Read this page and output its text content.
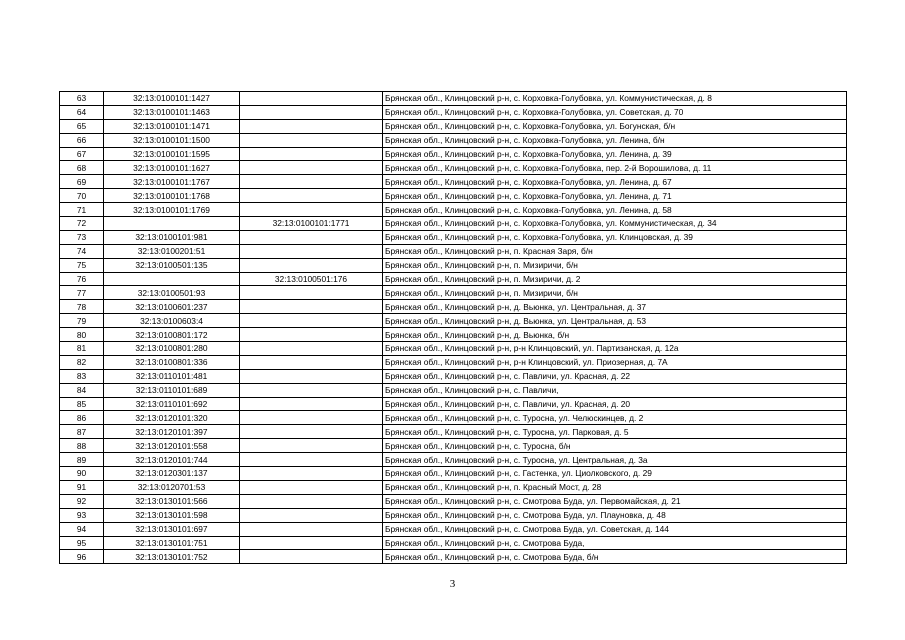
63	32:13:0100101:1427		Брянская обл., Клинцовский р-н, с. Корховка-Голубовка, ул. Коммунистическая, д. 8
64	32:13:0100101:1463		Брянская обл., Клинцовский р-н, с. Корховка-Голубовка, ул. Советская, д. 70
65	32:13:0100101:1471		Брянская обл., Клинцовский р-н, с. Корховка-Голубовка, ул. Богунская, б/н
66	32:13:0100101:1500		Брянская обл., Клинцовский р-н, с. Корховка-Голубовка, ул. Ленина, б/н
67	32:13:0100101:1595		Брянская обл., Клинцовский р-н, с. Корховка-Голубовка, ул. Ленина, д. 39
68	32:13:0100101:1627		Брянская обл., Клинцовский р-н, с. Корховка-Голубовка, пер. 2-й Ворошилова, д. 11
69	32:13:0100101:1767		Брянская обл., Клинцовский р-н, с. Корховка-Голубовка, ул. Ленина, д. 67
70	32:13:0100101:1768		Брянская обл., Клинцовский р-н, с. Корховка-Голубовка, ул. Ленина, д. 71
71	32:13:0100101:1769		Брянская обл., Клинцовский р-н, с. Корховка-Голубовка, ул. Ленина, д. 58
72		32:13:0100101:1771	Брянская обл., Клинцовский р-н, с. Корховка-Голубовка, ул. Коммунистическая, д. 34
73	32:13:0100101:981		Брянская обл., Клинцовский р-н, с. Корховка-Голубовка, ул. Клинцовская, д. 39
74	32:13:0100201:51		Брянская обл., Клинцовский р-н, п. Красная Заря, б/н
75	32:13:0100501:135		Брянская обл., Клинцовский р-н, п. Мизиричи, б/н
76		32:13:0100501:176	Брянская обл., Клинцовский р-н, п. Мизиричи, д. 2
77	32:13:0100501:93		Брянская обл., Клинцовский р-н, п. Мизиричи, б/н
78	32:13:0100601:237		Брянская обл., Клинцовский р-н, д. Вьюнка, ул. Центральная, д. 37
79	32:13:0100603:4		Брянская обл., Клинцовский р-н, д. Вьюнка, ул. Центральная, д. 53
80	32:13:0100801:172		Брянская обл., Клинцовский р-н, д. Вьюнка, б/н
81	32:13:0100801:280		Брянская обл., Клинцовский р-н, р-н Клинцовский, ул. Партизанская, д. 12а
82	32:13:0100801:336		Брянская обл., Клинцовский р-н, р-н Клинцовский, ул. Приозерная, д. 7А
83	32:13:0110101:481		Брянская обл., Клинцовский р-н, с. Павличи, ул. Красная, д. 22
84	32:13:0110101:689		Брянская обл., Клинцовский р-н, с. Павличи,
85	32:13:0110101:692		Брянская обл., Клинцовский р-н, с. Павличи, ул. Красная, д. 20
86	32:13:0120101:320		Брянская обл., Клинцовский р-н, с. Туросна, ул. Челюскинцев, д. 2
87	32:13:0120101:397		Брянская обл., Клинцовский р-н, с. Туросна, ул. Парковая, д. 5
88	32:13:0120101:558		Брянская обл., Клинцовский р-н, с. Туросна, б/н
89	32:13:0120101:744		Брянская обл., Клинцовский р-н, с. Туросна, ул. Центральная, д. 3а
90	32:13:0120301:137		Брянская обл., Клинцовский р-н, с. Гастенка, ул. Циолковского, д. 29
91	32:13:0120701:53		Брянская обл., Клинцовский р-н, п. Красный Мост, д. 28
92	32:13:0130101:566		Брянская обл., Клинцовский р-н, с. Смотрова Буда, ул. Первомайская, д. 21
93	32:13:0130101:598		Брянская обл., Клинцовский р-н, с. Смотрова Буда, ул. Плауновка, д. 48
94	32:13:0130101:697		Брянская обл., Клинцовский р-н, с. Смотрова Буда, ул. Советская, д. 144
95	32:13:0130101:751		Брянская обл., Клинцовский р-н, с. Смотрова Буда,
96	32:13:0130101:752		Брянская обл., Клинцовский р-н, с. Смотрова Буда, б/н
3
